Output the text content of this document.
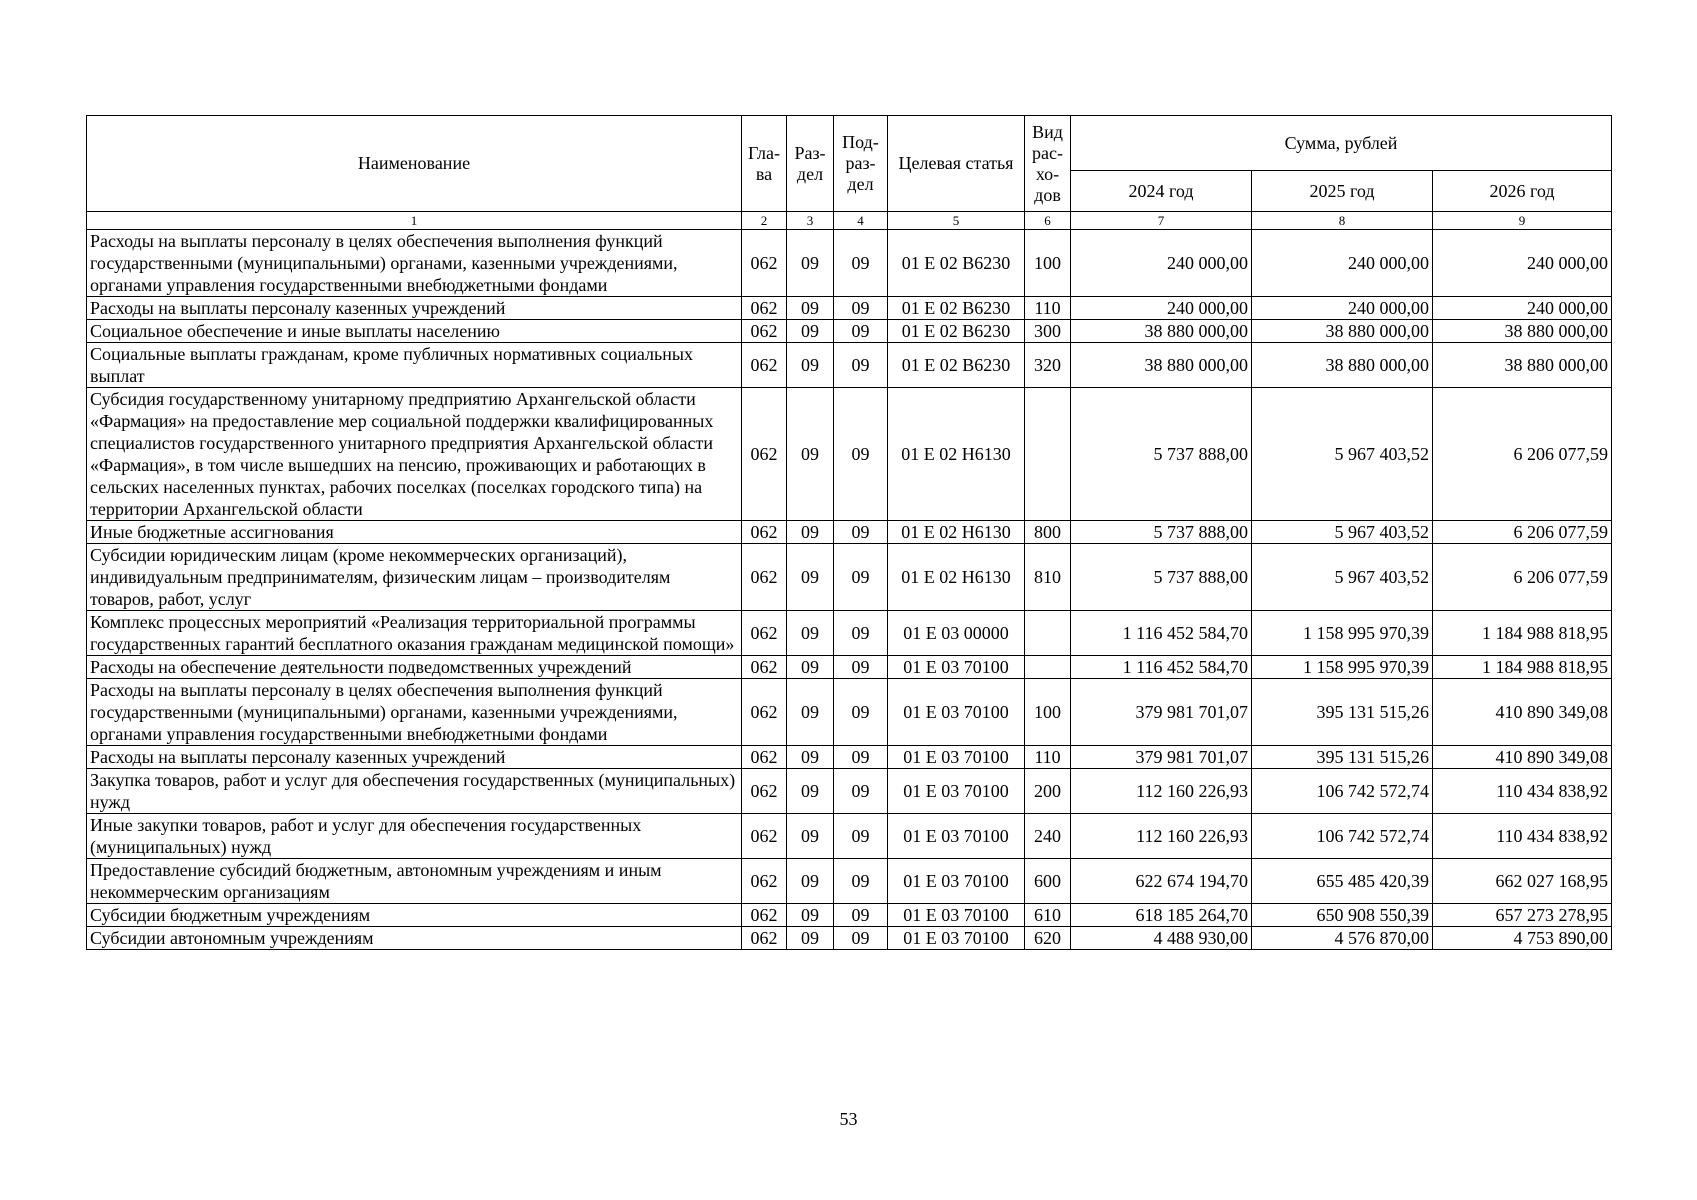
Наименование	Гла-ва	Раз-дел	Под-раз-дел	Целевая статья	Вид рас-хо-дов	Сумма, рублей		
						2024 год	2025 год	2026 год
1	2	3	4	5	6	7	8	9
Расходы на выплаты персоналу в целях обеспечения выполнения функций государственными (муниципальными) органами, казенными учреждениями, органами управления государственными внебюджетными фондами	062	09	09	01 Е 02 В6230	100	240 000,00	240 000,00	240 000,00
Расходы на выплаты персоналу казенных учреждений	062	09	09	01 Е 02 В6230	110	240 000,00	240 000,00	240 000,00
Социальное обеспечение и иные выплаты населению	062	09	09	01 Е 02 В6230	300	38 880 000,00	38 880 000,00	38 880 000,00
Социальные выплаты гражданам, кроме публичных нормативных социальных выплат	062	09	09	01 Е 02 В6230	320	38 880 000,00	38 880 000,00	38 880 000,00
Субсидия государственному унитарному предприятию Архангельской области «Фармация» на предоставление мер социальной поддержки квалифицированных специалистов государственного унитарного предприятия Архангельской области «Фармация», в том числе вышедших на пенсию, проживающих и работающих в сельских населенных пунктах, рабочих поселках (поселках городского типа) на территории Архангельской области	062	09	09	01 Е 02 Н6130		5 737 888,00	5 967 403,52	6 206 077,59
Иные бюджетные ассигнования	062	09	09	01 Е 02 Н6130	800	5 737 888,00	5 967 403,52	6 206 077,59
Субсидии юридическим лицам (кроме некоммерческих организаций), индивидуальным предпринимателям, физическим лицам – производителям товаров, работ, услуг	062	09	09	01 Е 02 Н6130	810	5 737 888,00	5 967 403,52	6 206 077,59
Комплекс процессных мероприятий «Реализация территориальной программы государственных гарантий бесплатного оказания гражданам медицинской помощи»	062	09	09	01 Е 03 00000		1 116 452 584,70	1 158 995 970,39	1 184 988 818,95
Расходы на обеспечение деятельности подведомственных учреждений	062	09	09	01 Е 03 70100		1 116 452 584,70	1 158 995 970,39	1 184 988 818,95
Расходы на выплаты персоналу в целях обеспечения выполнения функций государственными (муниципальными) органами, казенными учреждениями, органами управления государственными внебюджетными фондами	062	09	09	01 Е 03 70100	100	379 981 701,07	395 131 515,26	410 890 349,08
Расходы на выплаты персоналу казенных учреждений	062	09	09	01 Е 03 70100	110	379 981 701,07	395 131 515,26	410 890 349,08
Закупка товаров, работ и услуг для обеспечения государственных (муниципальных) нужд	062	09	09	01 Е 03 70100	200	112 160 226,93	106 742 572,74	110 434 838,92
Иные закупки товаров, работ и услуг для обеспечения государственных (муниципальных) нужд	062	09	09	01 Е 03 70100	240	112 160 226,93	106 742 572,74	110 434 838,92
Предоставление субсидий бюджетным, автономным учреждениям и иным некоммерческим организациям	062	09	09	01 Е 03 70100	600	622 674 194,70	655 485 420,39	662 027 168,95
Субсидии бюджетным учреждениям	062	09	09	01 Е 03 70100	610	618 185 264,70	650 908 550,39	657 273 278,95
Субсидии автономным учреждениям	062	09	09	01 Е 03 70100	620	4 488 930,00	4 576 870,00	4 753 890,00
53
